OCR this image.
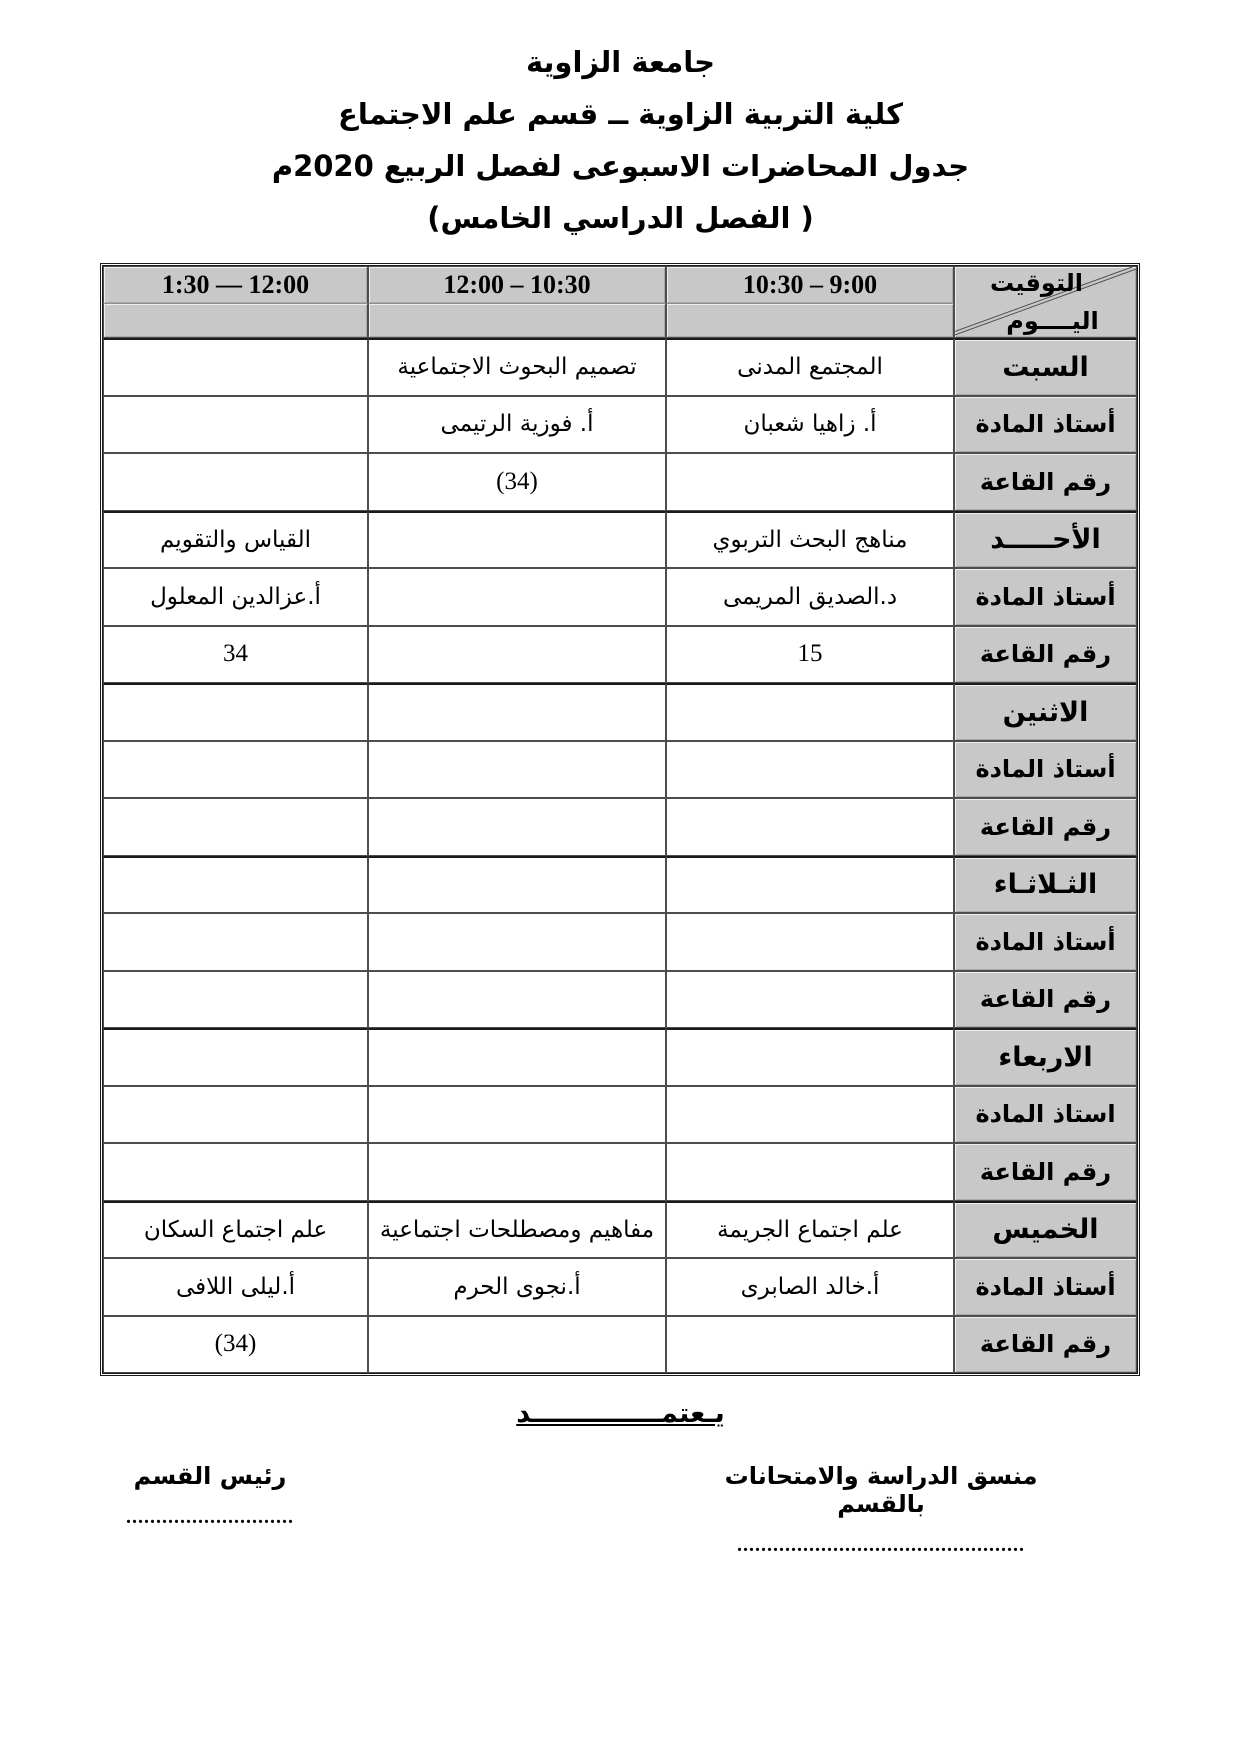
جامعة الزاوية
كلية التربية الزاوية ــ قسم علم الاجتماع
جدول المحاضرات الاسبوعى لفصل الربيع 2020م
( الفصل الدراسي الخامس)
التوقيت
اليــــوم
10:30 – 9:00
12:00 – 10:30
1:30 — 12:00
السبت
المجتمع المدنى
تصميم البحوث الاجتماعية
أستاذ المادة
أ. زاهيا شعبان
أ. فوزية الرتيمى
رقم القاعة
(34)
الأحـــــد
مناهج البحث التربوي
القياس والتقويم
أستاذ المادة
د.الصديق المريمى
أ.عزالدين المعلول
رقم القاعة
15
34
الاثنين
أستاذ المادة
رقم القاعة
الثـلاثـاء
أستاذ المادة
رقم القاعة
الاربعاء
استاذ المادة
رقم القاعة
الخميس
علم اجتماع الجريمة
مفاهيم ومصطلحات اجتماعية
علم اجتماع السكان
أستاذ المادة
أ.خالد الصابرى
أ.نجوى الحرم
أ.ليلى اللافى
رقم القاعة
(34)
يـعتمــــــــــــــد
منسق الدراسة والامتحانات بالقسم
................................................
رئيس القسم
............................
